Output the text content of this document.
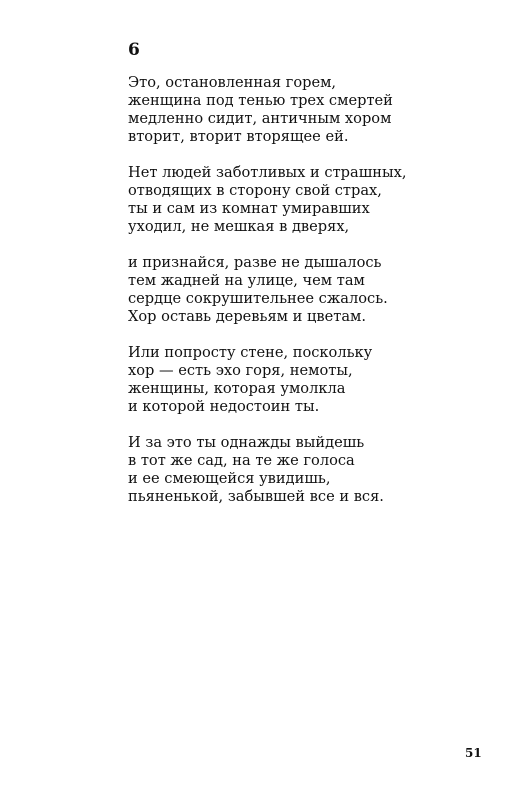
6
Это, остановленная горем,
женщина под тенью трех смертей
медленно сидит, античным хором
вторит, вторит вторящее ей.
Нет людей заботливых и страшных,
отводящих в сторону свой страх,
ты и сам из комнат умиравших
уходил, не мешкая в дверях,
и признайся, разве не дышалось
тем жадней на улице, чем там
сердце сокрушительнее сжалось.
Хор оставь деревьям и цветам.
Или попросту стене, поскольку
хор — есть эхо горя, немоты,
женщины, которая умолкла
и которой недостоин ты.
И за это ты однажды выйдешь
в тот же сад, на те же голоса
и ее смеющейся увидишь,
пьяненькой, забывшей все и вся.
51
